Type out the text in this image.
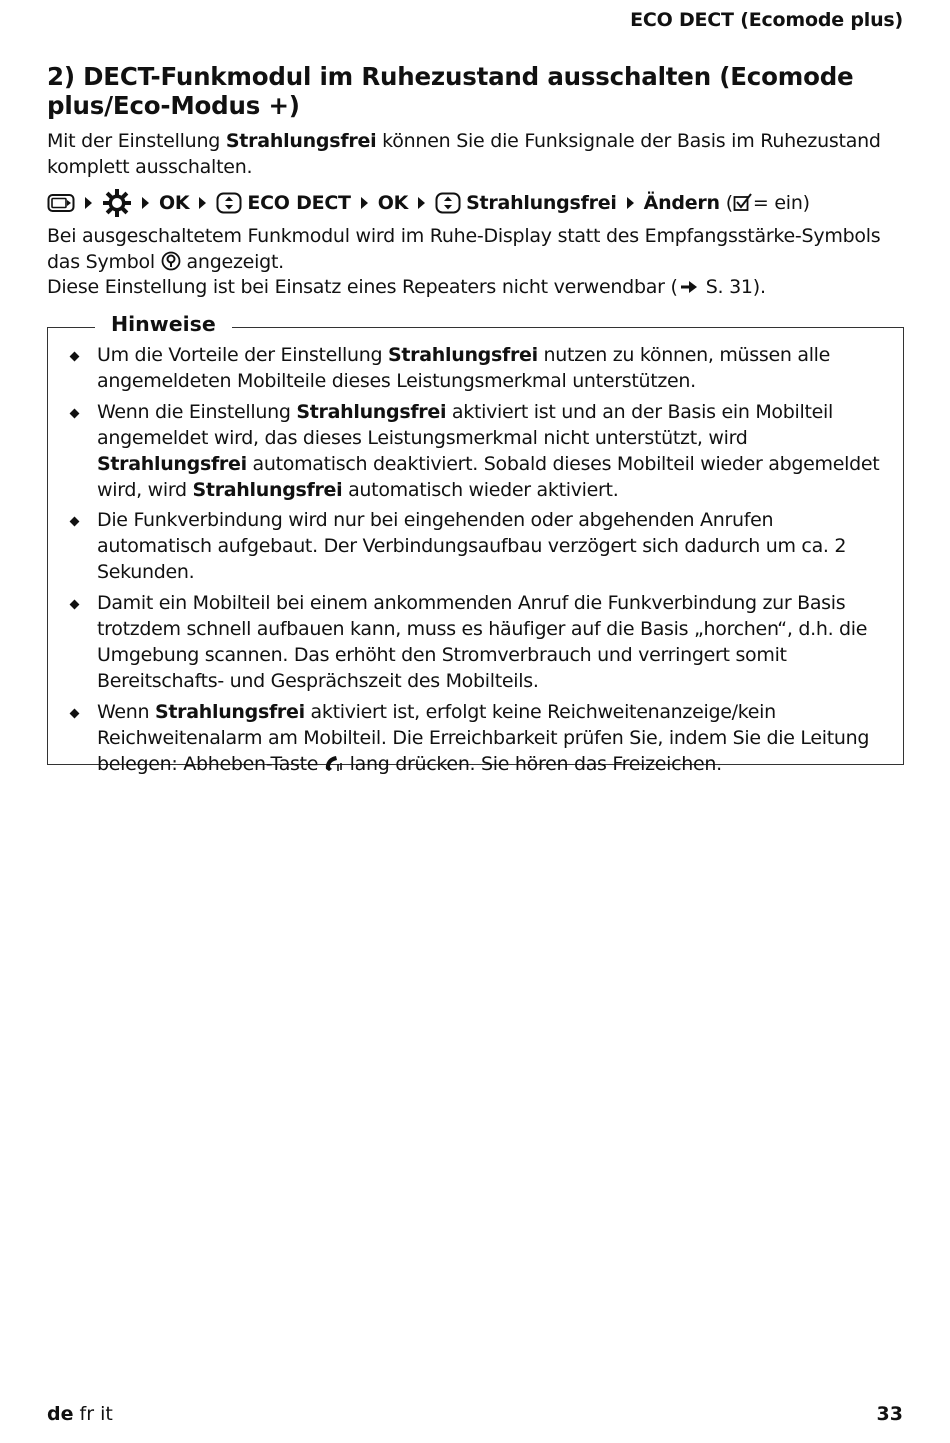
ECO DECT (Ecomode plus)
2) DECT-Funkmodul im Ruhezustand ausschalten (Ecomode plus/Eco-Modus +)
Mit der Einstellung Strahlungsfrei können Sie die Funksignale der Basis im Ruhezustand komplett ausschalten.
OK	ECO DECT OK	Strahlungsfrei Ändern ( = ein)
Bei ausgeschaltetem Funkmodul wird im Ruhe-Display statt des Empfangsstärke-Symbols das Symbol angezeigt.
Diese Einstellung ist bei Einsatz eines Repeaters nicht verwendbar ( S. 31).
Hinweise
Um die Vorteile der Einstellung Strahlungsfrei nutzen zu können, müssen alle angemeldeten Mobilteile dieses Leistungsmerkmal unterstützen.
Wenn die Einstellung Strahlungsfrei aktiviert ist und an der Basis ein Mobilteil angemeldet wird, das dieses Leistungsmerkmal nicht unterstützt, wird Strahlungsfrei automatisch deaktiviert. Sobald dieses Mobilteil wieder abgemeldet wird, wird Strahlungsfrei automatisch wieder aktiviert.
Die Funkverbindung wird nur bei eingehenden oder abgehenden Anrufen automatisch aufgebaut. Der Verbindungsaufbau verzögert sich dadurch um ca. 2 Sekunden.
Damit ein Mobilteil bei einem ankommenden Anruf die Funkverbindung zur Basis trotzdem schnell aufbauen kann, muss es häufiger auf die Basis „horchen“, d.h. die Umgebung scannen. Das erhöht den Stromverbrauch und verringert somit Bereitschafts- und Gesprächszeit des Mobilteils.
Wenn Strahlungsfrei aktiviert ist, erfolgt keine Reichweitenanzeige/kein Reichweitenalarm am Mobilteil. Die Erreichbarkeit prüfen Sie, indem Sie die Leitung belegen: Abheben-Taste
lang drücken. Sie hören das Freizeichen.
de fr it	33
